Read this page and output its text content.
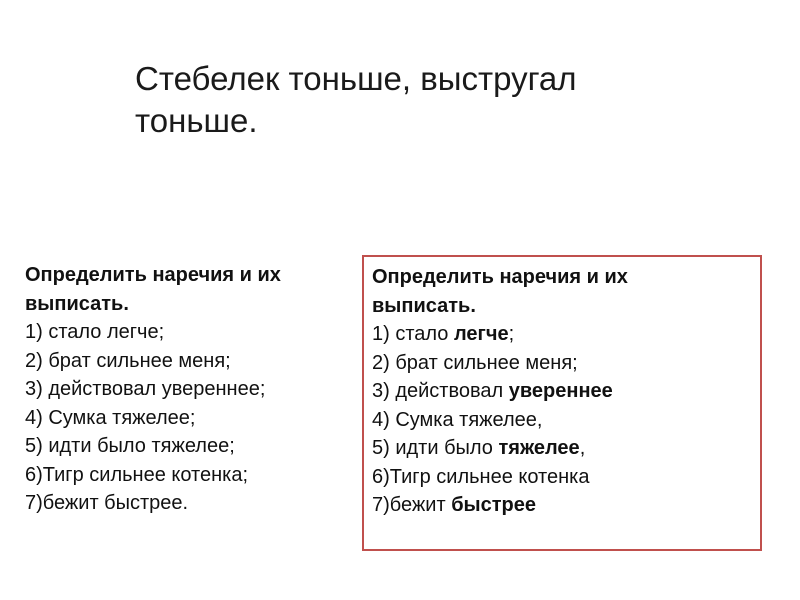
Стебелек тоньше, выстругал
тоньше.
Определить наречия и их
выписать.
1) стало легче;
2) брат сильнее меня;
3) действовал увереннее;
4) Сумка тяжелее;
5) идти было тяжелее;
6)Тигр сильнее котенка;
7)бежит быстрее.
Определить наречия и их
выписать.
1) стало легче;
2) брат сильнее меня;
3) действовал увереннее
4) Сумка тяжелее,
5) идти было тяжелее,
6)Тигр сильнее котенка
7)бежит быстрее
